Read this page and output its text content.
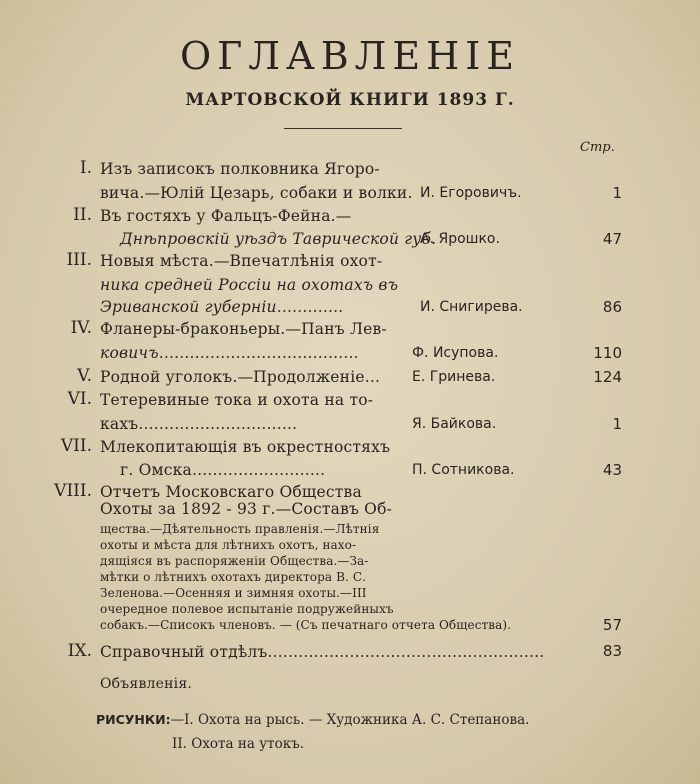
ОГЛАВЛЕНІЕ
МАРТОВСКОЙ КНИГИ 1893 Г.
Стр.
I. Изъ записокъ полковника Ягоро-
вича.—Юлій Цезарь, собаки и волки. И. Егоровичъ.	1
II. Въ гостяхъ у Фальцъ-Фейна.—
Днѣпровскій уѣздъ Таврической губ.
А. Ярошко.	47
III. Новыя мѣста.—Впечатлѣнія охот-
ника средней Россіи на охотахъ въ
Эриванской губерніи.............	И. Снигирева.	86
IV. Фланеры-браконьеры.—Панъ Лев-
ковичъ.......................................	Ф. Исупова.	110
V. Родной уголокъ.—Продолженіе... Е. Гринева.	124
VI. Тетеревиные тока и охота на то-
кахъ...............................	Я. Байкова.	1
VII. Млекопитающія въ окрестностяхъ
г. Омска..........................	П. Сотникова.	43
VIII. Отчетъ Московскаго Общества
Охоты за 1892 - 93 г.—Составъ Об-
щества.—Дѣятельность правленія.—Лѣтнія
охоты и мѣста для лѣтнихъ охотъ, нахо-
дящіяся въ распоряженіи Общества.—За-
мѣтки о лѣтнихъ охотахъ директора В. С.
Зеленова.—Осенняя и зимняя охоты.—III
очередное полевое испытаніе подружейныхъ
собакъ.—Списокъ членовъ. — (Съ печатнаго отчета Общества).	57
IX. Справочный отдѣлъ......................................................	83
Объявленія.
РИСУНКИ:—I. Охота на рысь. — Художника А. С. Степанова.
II. Охота на утокъ.
